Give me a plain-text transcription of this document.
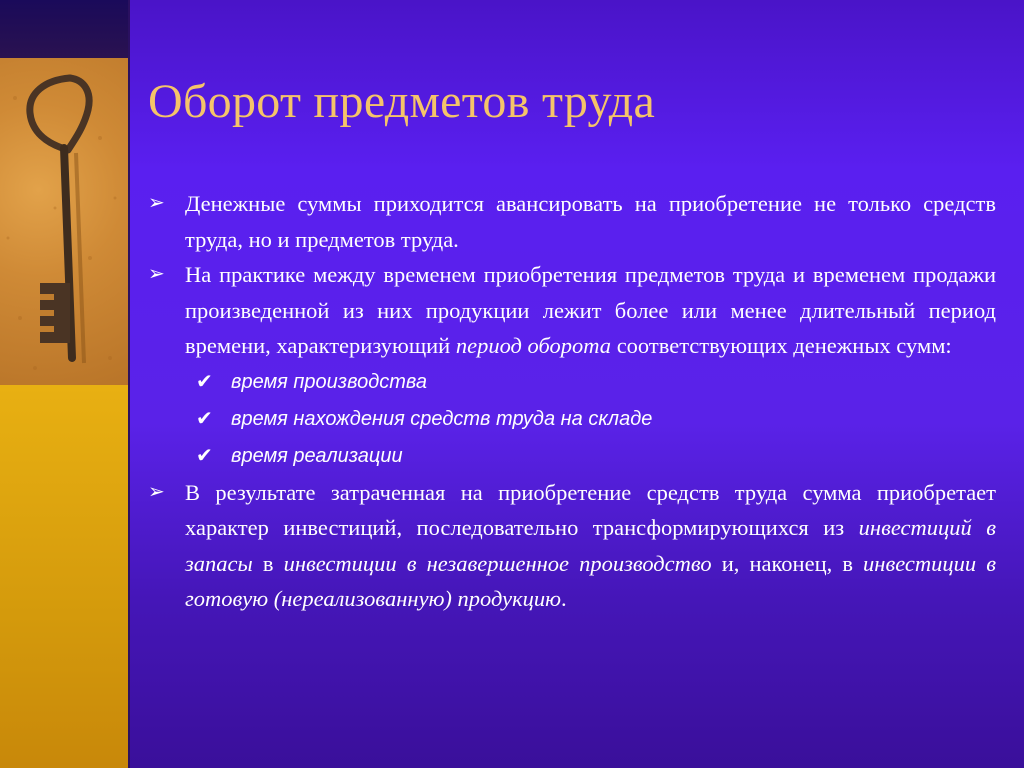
Оборот предметов труда
➢ Денежные суммы приходится авансировать на приобретение не только средств труда, но и предметов труда.
➢ На практике между временем приобретения предметов труда и временем продажи произведенной из них продукции лежит более или менее длительный период времени, характеризующий период оборота соответствующих денежных сумм:
✔ время производства
✔ время нахождения средств труда на складе
✔ время реализации
➢ В результате затраченная на приобретение средств труда сумма приобретает характер инвестиций, последовательно трансформирующихся из инвестиций в запасы в инвестиции в незавершенное производство и, наконец, в инвестиции в готовую (нереализованную) продукцию.
